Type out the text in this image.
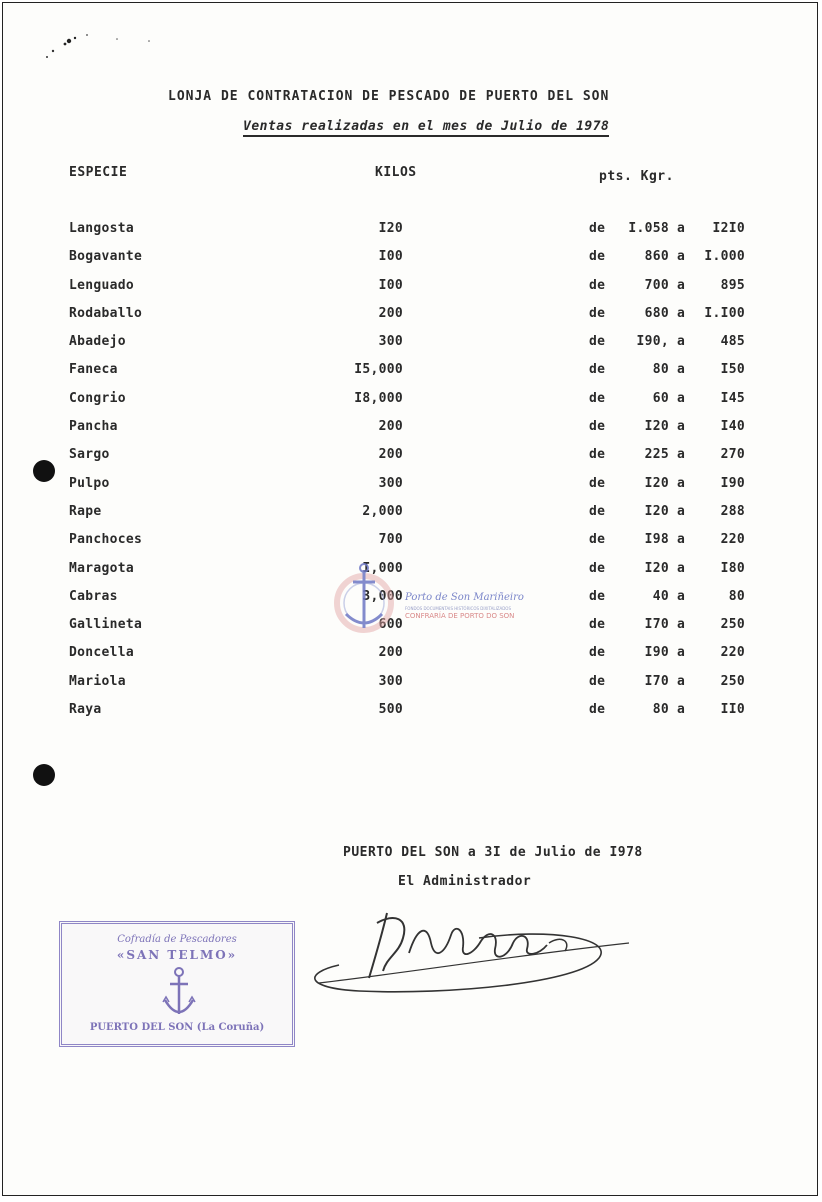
LONJA DE CONTRATACION DE PESCADO DE PUERTO DEL SON
Ventas realizadas en el mes de Julio de 1978
ESPECIE	KILOS	pts. Kgr.
Langosta	I20	de I.058 a I2I0
Bogavante	I00	de	860 a I.000
Lenguado	I00	de	700 a	895
Rodaballo	200	de	680 a I.I00
Abadejo	300	de I90, a	485
Faneca	I5,000	de	80 a	I50
Congrio	I8,000	de	60 a	I45
Pancha	200	de	I20 a	I40
Sargo	200	de	225 a	270
Pulpo	300	de	I20 a	I90
Rape	2,000	de	I20 a	288
Panchoces	700	de	I98 a	220
Maragota	I,000	de	I20 a	I80
Cabras	3,000	de	40 a	80
Gallineta	600	de	I70 a	250
Doncella	200	de	I90 a	220
Mariola	300	de	I70 a	250
Raya	500	de	80 a	II0
Porto de Son Mariñeiro
FONDOS DOCUMENTAIS HISTÓRICOS DIXITALIZADOS
CONFRARÍA DE PORTO DO SON
PUERTO DEL SON a 3I de Julio de I978
El Administrador
Cofradía de Pescadores
«SAN TELMO»
PUERTO DEL SON (La Coruña)
